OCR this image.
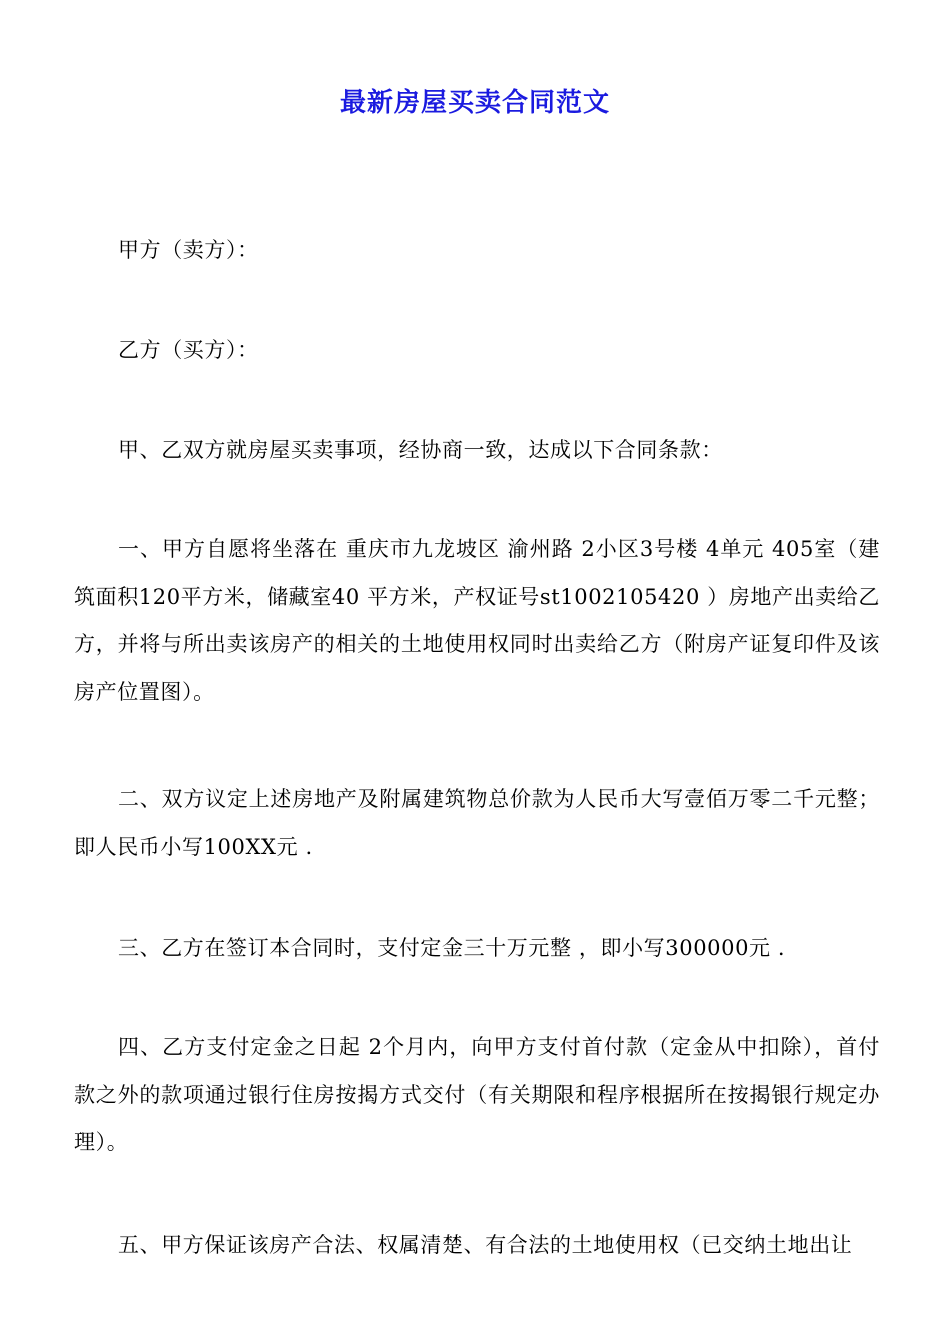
最新房屋买卖合同范文
甲方（卖方）：
乙方（买方）：
甲、乙双方就房屋买卖事项，经协商一致，达成以下合同条款：
一、甲方自愿将坐落在 重庆市九龙坡区 渝州路 2小区3号楼 4单元 405室（建筑面积120平方米，储藏室40 平方米，产权证号st1002105420 ）房地产出卖给乙方，并将与所出卖该房产的相关的土地使用权同时出卖给乙方（附房产证复印件及该房产位置图）。
二、双方议定上述房地产及附属建筑物总价款为人民币大写壹佰万零二千元整；即人民币小写100XX元 .
三、乙方在签订本合同时，支付定金三十万元整 ，即小写300000元 .
四、乙方支付定金之日起 2个月内，向甲方支付首付款（定金从中扣除），首付款之外的款项通过银行住房按揭方式交付（有关期限和程序根据所在按揭银行规定办理）。
五、甲方保证该房产合法、权属清楚、有合法的土地使用权（已交纳土地出让
